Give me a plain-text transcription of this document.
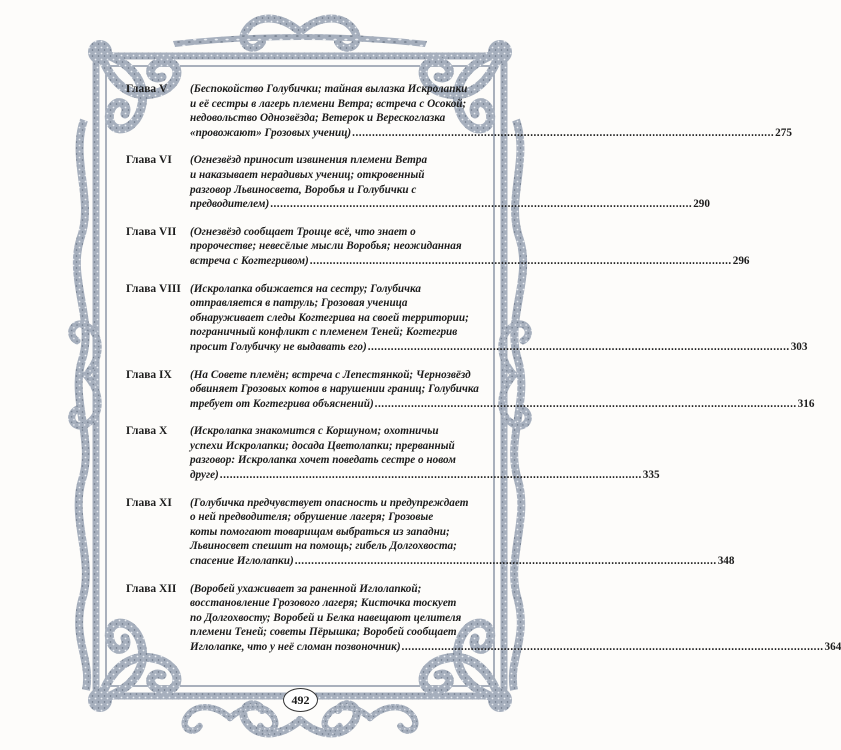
Глава V	(Беспокойство Голубички; тайная вылазка Искролапки

и её сестры в лагерь племени Ветра; встреча с Осокой;

недовольство Однозвёзда; Ветерок и Верескоглазка

«провожают» Грозовых учениц) .....	275

Глава VI	(Огнезвёзд приносит извинения племени Ветра

и наказывает нерадивых учениц; откровенный

разговор Львиносвета, Воробья и Голубички с

предводителем) .....	290

Глава VII	(Огнезвёзд сообщает Троице всё, что знает о

пророчестве; невесёлые мысли Воробья; неожиданная

встреча с Когтегривом) .....	296

Глава VIII (Искролапка обижается на сестру; Голубичка

отправляется в патруль; Грозовая ученица

обнаруживает следы Когтегрива на своей территории;

пограничный конфликт с племенем Теней; Когтегрив

просит Голубичку не выдавать его) .....	303

Глава IX	(На Совете племён; встреча с Лепестянкой; Чернозвёзд

обвиняет Грозовых котов в нарушении границ; Голубичка

требует от Когтегрива объяснений) .....	316

Глава X	(Искролапка знакомится с Коршуном; охотничьи

успехи Искролапки; досада Цветолапки; прерванный

разговор: Искролапка хочет поведать сестре о новом

друге) .....	335

Глава XI	(Голубичка предчувствует опасность и предупреждает

о ней предводителя; обрушение лагеря; Грозовые

коты помогают товарищам выбраться из западни;

Львиносвет спешит на помощь; гибель Долгохвоста;

спасение Иглолапки) .....	348

Глава XII	(Воробей ухаживает за раненной Иглолапкой;

восстановление Грозового лагеря; Кисточка тоскует

по Долгохвосту; Воробей и Белка навещают целителя

племени Теней; советы Пёрышка; Воробей сообщает

Иглолапке, что у неё сломан позвоночник) .....	364

492
